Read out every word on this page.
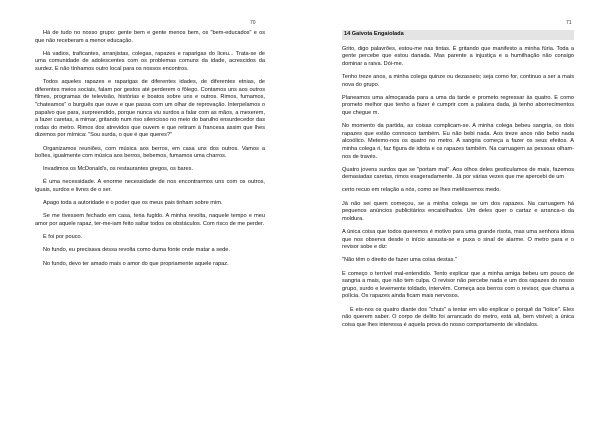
70

Há de tudo no nosso grupo: gente bem e gente menos bem, os "bem-educados" e os que não receberam a menor educação.

Há vadios, traficantes, arranjistas, colegas, rapazes e raparigas do liceu... Trata-se de uma comunidade de adolescentes com os problemas comuns da idade, acrescidos da surdez. E não tínhamos outro local para os nossos encontros.

Todos aqueles rapazes e raparigas de diferentes idades, de diferentes etnias, de diferentes meios sociais, falam por gestos até perderem o fôlego. Contamos uns aos outros filmes, programas de televisão, histórias e boatos sobre uns e outros. Rimos, fumamos, "chateamos" o burguês que ouve e que passa com um olhar de reprovação. Interpelamos o papalvo que para, surpreendido, porque nunca viu surdos a falar com as mãos, a mexerem, a fazer caretas, a mimar, gritando num riso silencioso no meio do barulho ensurdecedor das rodas do metro. Rimos dos atrevidos que ouvem e que retiram à francesa assim que lhes dizemos por mímica: "Sou surda, o que é que queres?"

Organizamos reuniões, com música aos berros, em casa uns dos outros. Vamos a boîtes, igualmente com música aos berros, bebemos, fumamos uma charros.

Invadimos os McDonald's, os restaurantes gregos, os bares.

É uma necessidade. A enorme necessidade de nos encontrarmos uns com os outros, iguais, surdos e livres de o ser.

Apago toda a autoridade e o poder que os meus pais tinham sobre mim.

Se me tivessem fechado em casa, teria fugido. A minha revolta, naquele tempo e meu amor por aquele rapaz, ter-me-iam feito saltar todos os obstáculos. Com risco de me perder.

E foi por pouco.

No fundo, eu precisava dessa revolta como duma fonte onde matar a sede.

No fundo, devo ter amado mais o amor do que propriamente aquele rapaz.

71
14 Gaivota Engaiolada

Grito, digo palavrões, estou-me nas tintas. É gritando que manifesto a minha fúria. Toda a gente percebe que estou danada. Mas parente a injustiça e a humilhação não consigo dominar a raiva. Dói-me.

Tenho treze anos, a minha colega quinze ou dezasseis; seja como for, continuo a ser a mais nova do grupo.

Planeamos uma almoçarada para a uma da tarde e prometo regressar às quatro. E como prometo melhor que tenho a fazer é cumprir com a palavra dada, já tenho aborrecimentos que chegue m.

No momento da partida, as coisas complicam-se. A minha colega bebeu sangria, os dois rapazes que estão connosco também. Eu não bebi nada. Aos treze anos não bebo nada alcoólico. Metemo-nos os quatro no metro. A sangria começa a fazer os seus efeitos. A minha colega ri, faz figura de idiota e os rapazes também. Na carruagem as pessoas olham-nos de través.

Quatro jovens surdos que se "portam mal". Aos olhos deles gesticulamos de mais, fazemos demasiadas caretas, rimos exageradamente. Já por várias vezes que me apercebi de um

certo recuo em relação a nós, como se lhes metêssemos medo.

Já não sei quem começou, se a minha colega se um dos rapazes. Na carruagem há pequenos anúncios publicitários encaixilhados. Um deles quer o cartaz e arranca-o da moldura.

A única coisa que todos queremos é motivo para uma grande risota, mas uma senhora idosa que nos observa desde o início assusta-se e puxa o sinal de alarme. O metro para e o revisor sobe e diz:

"Não têm o direito de fazer uma coisa destas."

E começo o terrível mal-entendido. Tento explicar que a minha amiga bebeu um pouco de sangria a mais, que não tem culpa. O revisor não percebe nada e um dos rapazes do nosso grupo, surdo e levemente toldado, intervém. Começa aos berros com o revisor, que chama a polícia. Os rapazes ainda ficam mais nervosos.

E eis-nos os quatro diante dos "chuis" a tentar em vão explicar o porquê da "loiice". Eles não querem saber. O corpo de delito foi arrancado do metro, está ali, bem visível; a única coisa que lhes interessa é aquela prova do nosso comportamento de vândalos.
